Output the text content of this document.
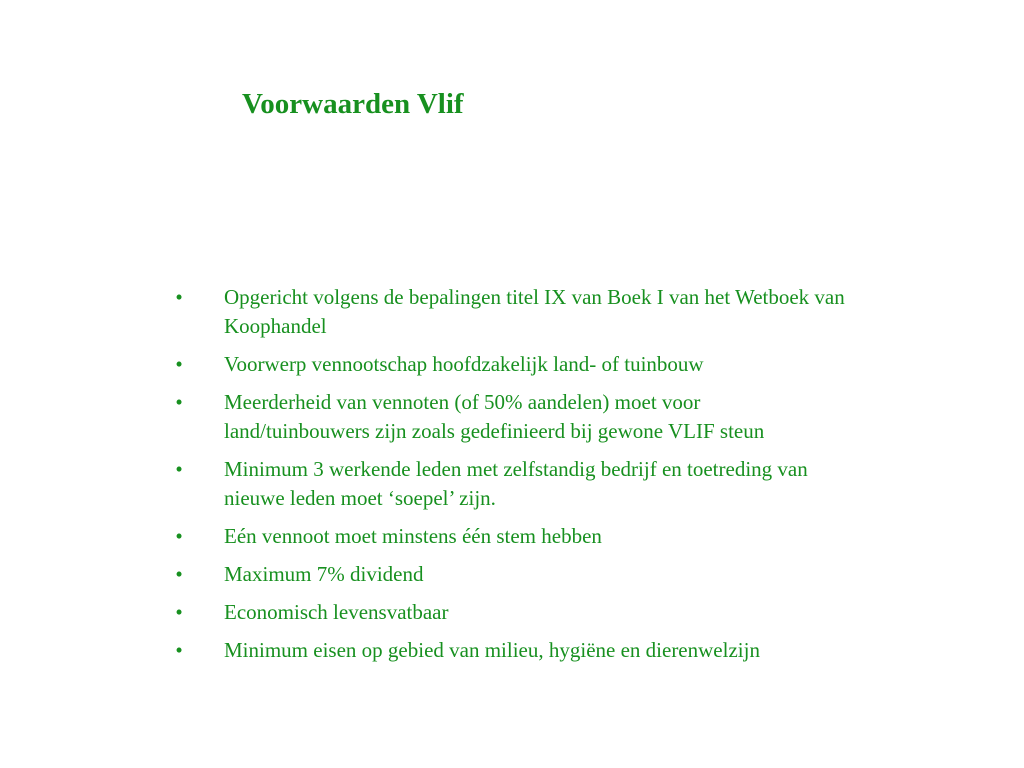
Voorwaarden Vlif
• Opgericht volgens de bepalingen titel IX van Boek I van het Wetboek van Koophandel
• Voorwerp vennootschap hoofdzakelijk land- of tuinbouw
• Meerderheid van vennoten (of 50% aandelen) moet voor land/tuinbouwers zijn zoals gedefinieerd bij gewone VLIF steun
• Minimum 3 werkende leden met zelfstandig bedrijf en toetreding van nieuwe leden moet ‘soepel’ zijn.
• Eén vennoot moet minstens één stem hebben
• Maximum 7% dividend
• Economisch levensvatbaar
• Minimum eisen op gebied van milieu, hygiëne en dierenwelzijn
